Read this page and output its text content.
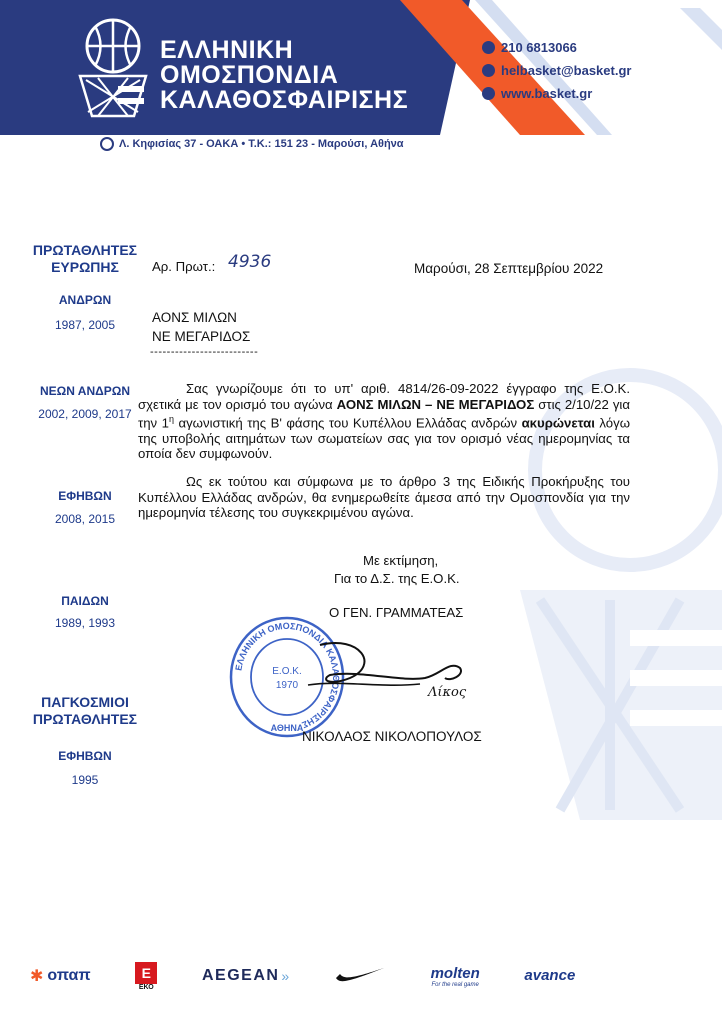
ΕΛΛΗΝΙΚΗ
ΟΜΟΣΠΟΝΔΙΑ
ΚΑΛΑΘΟΣΦΑΙΡΙΣΗΣ
210 6813066
helbasket@basket.gr
www.basket.gr
Λ. Κηφισίας 37 - ΟΑΚΑ • Τ.Κ.: 151 23 - Μαρούσι, Αθήνα
ΠΡΩΤΑΘΛΗΤΕΣ
ΕΥΡΩΠΗΣ
ΑΝΔΡΩΝ
1987, 2005
ΝΕΩΝ ΑΝΔΡΩΝ
2002, 2009, 2017
ΕΦΗΒΩΝ
2008, 2015
ΠΑΙΔΩΝ
1989, 1993
ΠΑΓΚΟΣΜΙΟΙ
ΠΡΩΤΑΘΛΗΤΕΣ
ΕΦΗΒΩΝ
1995
Αρ. Πρωτ.: 4936	Μαρούσι, 28 Σεπτεμβρίου 2022
ΑΟΝΣ ΜΙΛΩΝ
ΝΕ ΜΕΓΑΡΙΔΟΣ
--------------------------
Σας γνωρίζουμε ότι το υπ' αριθ. 4814/26-09-2022 έγγραφο της Ε.Ο.Κ. σχετικά με τον ορισμό του αγώνα ΑΟΝΣ ΜΙΛΩΝ – ΝΕ ΜΕΓΑΡΙΔΟΣ στις 2/10/22 για την $1^\eta$ αγωνιστική της Β' φάσης του Κυπέλλου Ελλάδας ανδρών ακυρώνεται λόγω της υποβολής αιτημάτων των σωματείων σας για τον ορισμό νέας ημερομηνίας τα οποία δεν συμφωνούν.
Ως εκ τούτου και σύμφωνα με το άρθρο 3 της Ειδικής Προκήρυξης του Κυπέλλου Ελλάδας ανδρών, θα ενημερωθείτε άμεσα από την Ομοσπονδία για την ημερομηνία τέλεσης του συγκεκριμένου αγώνα.
Με εκτίμηση,
Για το Δ.Σ. της Ε.Ο.Κ.
Ο ΓΕΝ. ΓΡΑΜΜΑΤΕΑΣ
ΕΛΛΗΝΙΚΗ ΟΜΟΣΠΟΝΔΙΑ ΚΑΛΑΘΟΣΦΑΙΡΙΣΗΣ
Ε.Ο.Κ.
1970
ΑΘΗΝΑ
Λίκος
ΝΙΚΟΛΑΟΣ ΝΙΚΟΛΟΠΟΥΛΟΣ
✱ οπαπ	Ε
ΕΚΟ
AEGEAN »	molten
For the real game
avance
